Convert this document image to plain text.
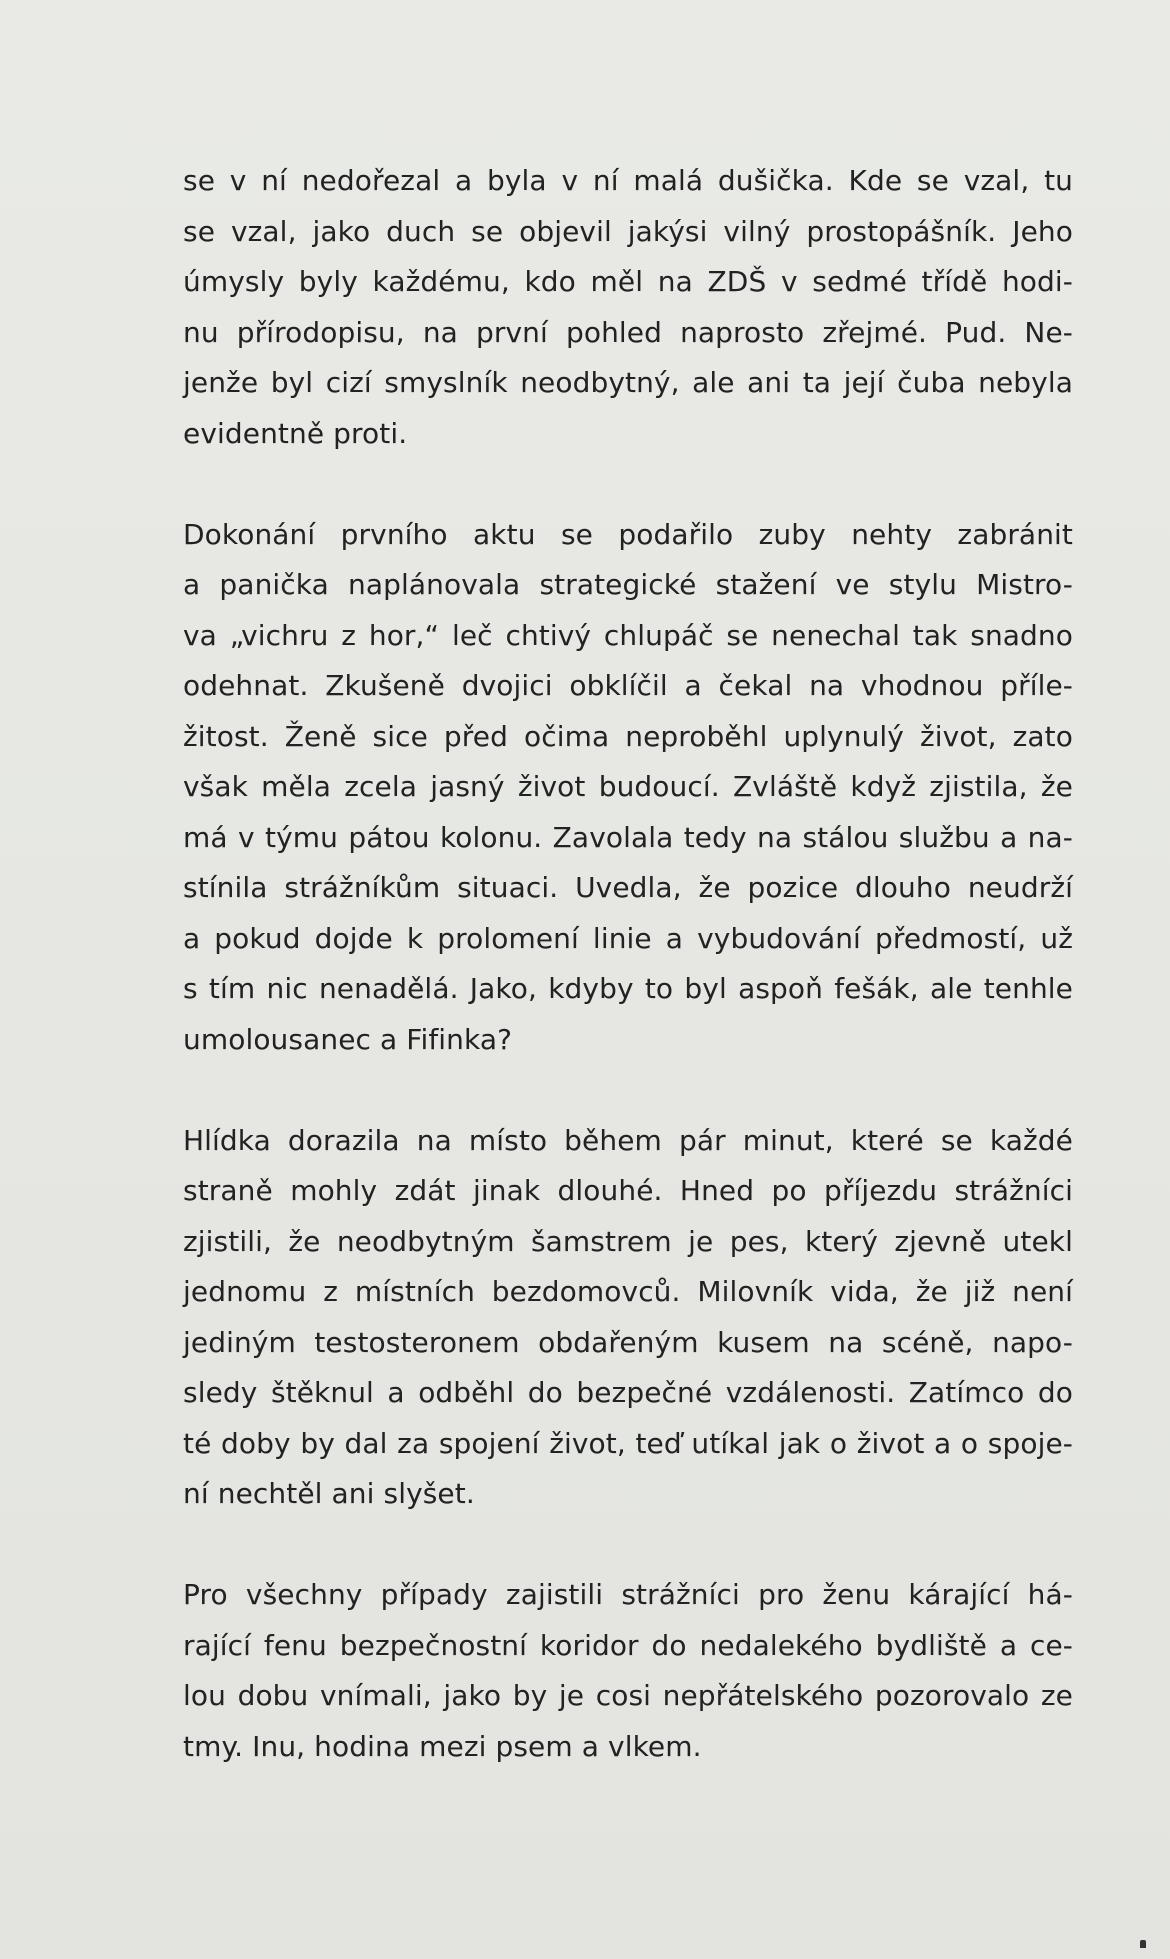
se v ní nedořezal a byla v ní malá dušička. Kde se vzal, tu
se vzal, jako duch se objevil jakýsi vilný prostopášník. Jeho
úmysly byly každému, kdo měl na ZDŠ v sedmé třídě hodi-
nu přírodopisu, na první pohled naprosto zřejmé. Pud. Ne-
jenže byl cizí smyslník neodbytný, ale ani ta její čuba nebyla
evidentně proti.
Dokonání prvního aktu se podařilo zuby nehty zabránit
a panička naplánovala strategické stažení ve stylu Mistro-
va „vichru z hor,“ leč chtivý chlupáč se nenechal tak snadno
odehnat. Zkušeně dvojici obklíčil a čekal na vhodnou příle-
žitost. Ženě sice před očima neproběhl uplynulý život, zato
však měla zcela jasný život budoucí. Zvláště když zjistila, že
má v týmu pátou kolonu. Zavolala tedy na stálou službu a na-
stínila strážníkům situaci. Uvedla, že pozice dlouho neudrží
a pokud dojde k prolomení linie a vybudování předmostí, už
s tím nic nenadělá. Jako, kdyby to byl aspoň fešák, ale tenhle
umolousanec a Fifinka?
Hlídka dorazila na místo během pár minut, které se každé
straně mohly zdát jinak dlouhé. Hned po příjezdu strážníci
zjistili, že neodbytným šamstrem je pes, který zjevně utekl
jednomu z místních bezdomovců. Milovník vida, že již není
jediným testosteronem obdařeným kusem na scéně, napo-
sledy štěknul a odběhl do bezpečné vzdálenosti. Zatímco do
té doby by dal za spojení život, teď utíkal jak o život a o spoje-
ní nechtěl ani slyšet.
Pro všechny případy zajistili strážníci pro ženu kárající há-
rající fenu bezpečnostní koridor do nedalekého bydliště a ce-
lou dobu vnímali, jako by je cosi nepřátelského pozorovalo ze
tmy. Inu, hodina mezi psem a vlkem.
